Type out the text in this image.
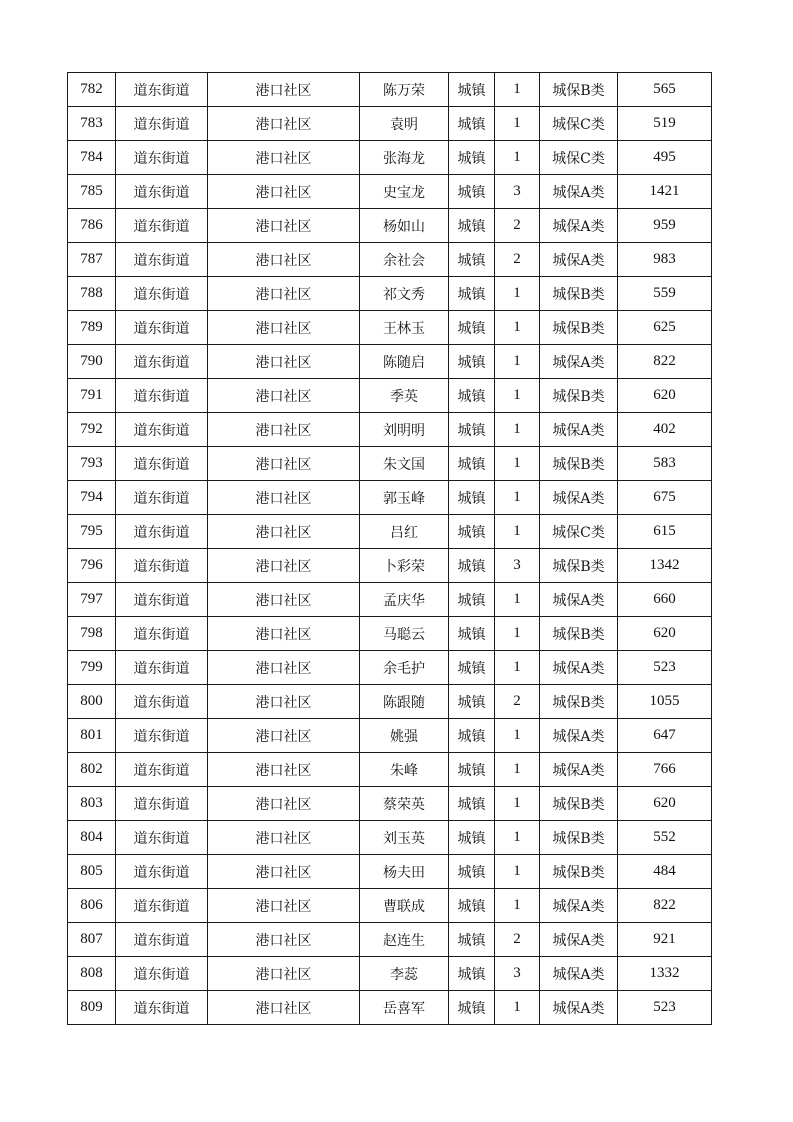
782	道东街道	港口社区	陈万荣	城镇	1	城保B类	565
783	道东街道	港口社区	袁明	城镇	1	城保C类	519
784	道东街道	港口社区	张海龙	城镇	1	城保C类	495
785	道东街道	港口社区	史宝龙	城镇	3	城保A类	1421
786	道东街道	港口社区	杨如山	城镇	2	城保A类	959
787	道东街道	港口社区	余社会	城镇	2	城保A类	983
788	道东街道	港口社区	祁文秀	城镇	1	城保B类	559
789	道东街道	港口社区	王林玉	城镇	1	城保B类	625
790	道东街道	港口社区	陈随启	城镇	1	城保A类	822
791	道东街道	港口社区	季英	城镇	1	城保B类	620
792	道东街道	港口社区	刘明明	城镇	1	城保A类	402
793	道东街道	港口社区	朱文国	城镇	1	城保B类	583
794	道东街道	港口社区	郭玉峰	城镇	1	城保A类	675
795	道东街道	港口社区	吕红	城镇	1	城保C类	615
796	道东街道	港口社区	卜彩荣	城镇	3	城保B类	1342
797	道东街道	港口社区	孟庆华	城镇	1	城保A类	660
798	道东街道	港口社区	马聪云	城镇	1	城保B类	620
799	道东街道	港口社区	余毛护	城镇	1	城保A类	523
800	道东街道	港口社区	陈跟随	城镇	2	城保B类	1055
801	道东街道	港口社区	姚强	城镇	1	城保A类	647
802	道东街道	港口社区	朱峰	城镇	1	城保A类	766
803	道东街道	港口社区	蔡荣英	城镇	1	城保B类	620
804	道东街道	港口社区	刘玉英	城镇	1	城保B类	552
805	道东街道	港口社区	杨夫田	城镇	1	城保B类	484
806	道东街道	港口社区	曹联成	城镇	1	城保A类	822
807	道东街道	港口社区	赵连生	城镇	2	城保A类	921
808	道东街道	港口社区	李蕊	城镇	3	城保A类	1332
809	道东街道	港口社区	岳喜军	城镇	1	城保A类	523
